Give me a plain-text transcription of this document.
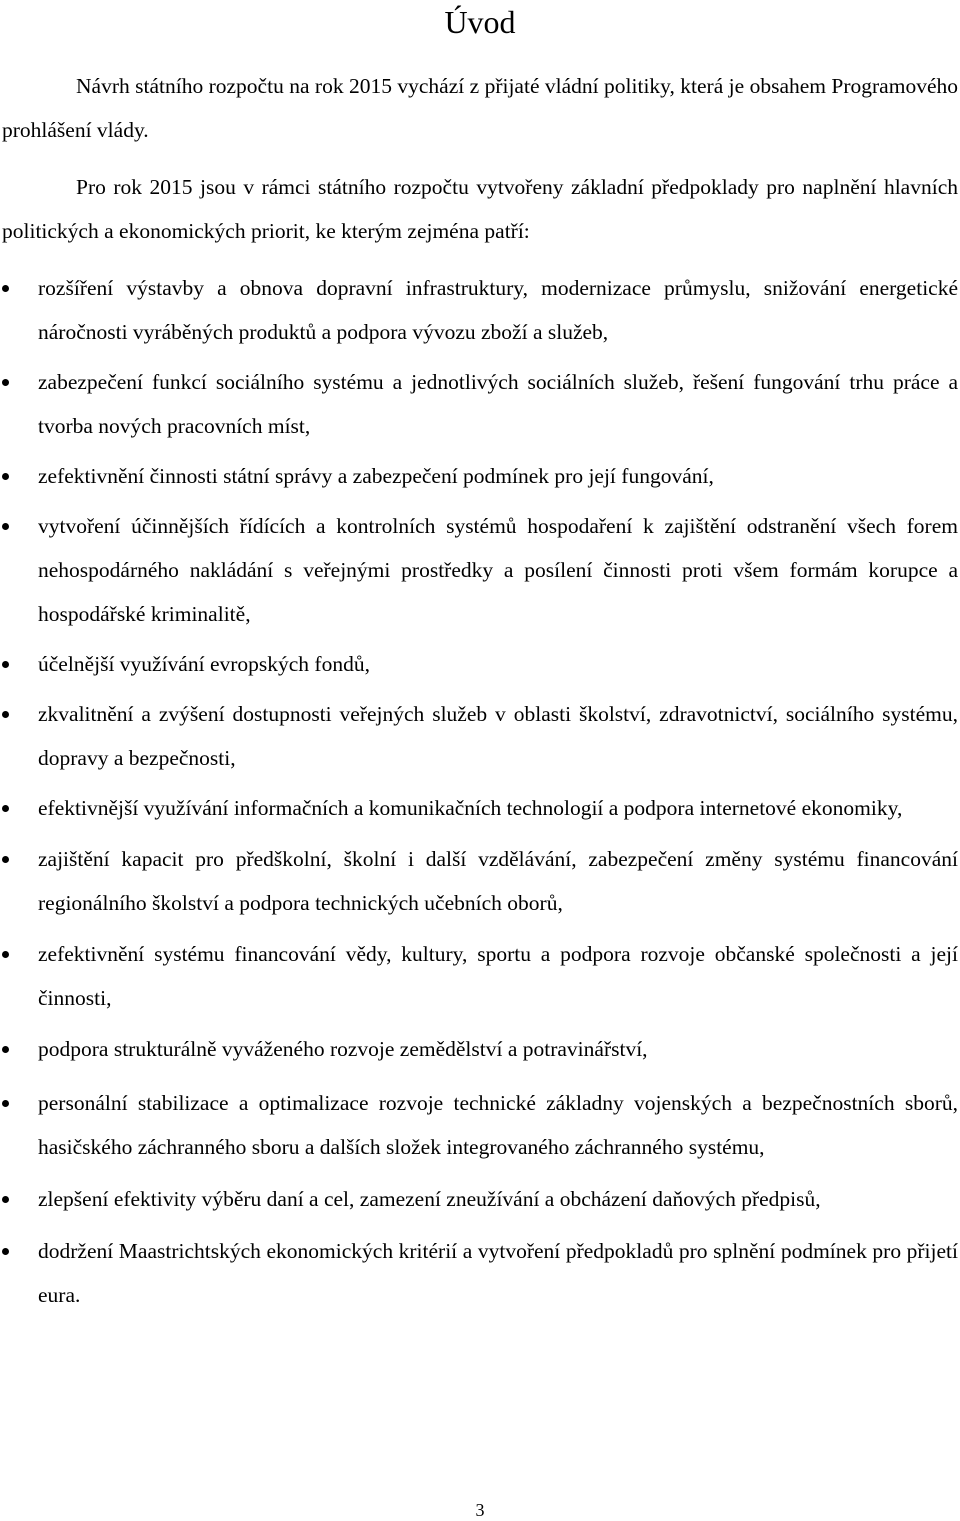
Úvod

Návrh státního rozpočtu na rok 2015 vychází z přijaté vládní politiky, která je obsahem Programového prohlášení vlády.

Pro rok 2015 jsou v rámci státního rozpočtu vytvořeny základní předpoklady pro naplnění hlavních politických a ekonomických priorit, ke kterým zejména patří:

rozšíření výstavby a obnova dopravní infrastruktury, modernizace průmyslu, snižování energetické náročnosti vyráběných produktů a podpora vývozu zboží a služeb,
zabezpečení funkcí sociálního systému a jednotlivých sociálních služeb, řešení fungování trhu práce a tvorba nových pracovních míst,
zefektivnění činnosti státní správy a zabezpečení podmínek pro její fungování,
vytvoření účinnějších řídících a kontrolních systémů hospodaření k zajištění odstranění všech forem nehospodárného nakládání s veřejnými prostředky a posílení činnosti proti všem formám korupce a hospodářské kriminalitě,
účelnější využívání evropských fondů,
zkvalitnění a zvýšení dostupnosti veřejných služeb v oblasti školství, zdravotnictví, sociálního systému, dopravy a bezpečnosti,
efektivnější využívání informačních a komunikačních technologií a podpora internetové ekonomiky,
zajištění kapacit pro předškolní, školní i další vzdělávání, zabezpečení změny systému financování regionálního školství a podpora technických učebních oborů,
zefektivnění systému financování vědy, kultury, sportu a podpora rozvoje občanské společnosti a její činnosti,
podpora strukturálně vyváženého rozvoje zemědělství a potravinářství,
personální stabilizace a optimalizace rozvoje technické základny vojenských a bezpečnostních sborů, hasičského záchranného sboru a dalších složek integrovaného záchranného systému,
zlepšení efektivity výběru daní a cel, zamezení zneužívání a obcházení daňových předpisů,
dodržení Maastrichtských ekonomických kritérií a vytvoření předpokladů pro splnění podmínek pro přijetí eura.
3
